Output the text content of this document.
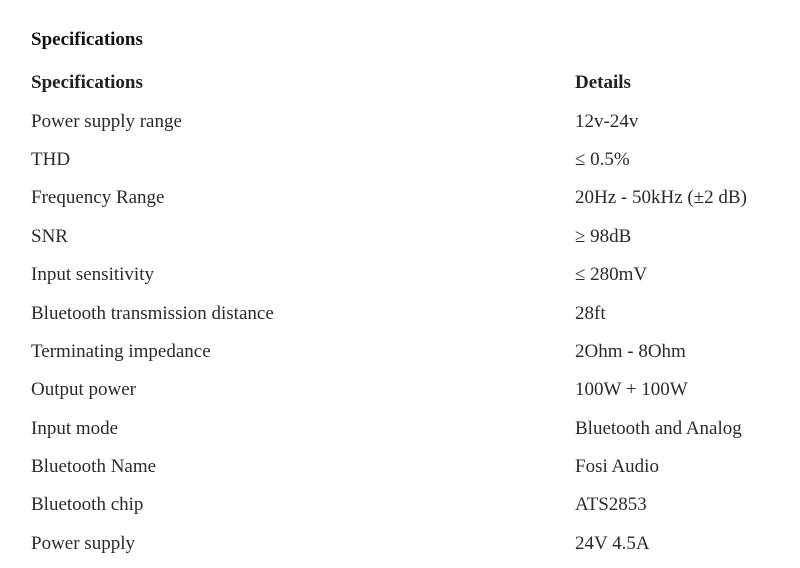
Specifications
Specifications	Details
Power supply range	12v-24v
THD	≤ 0.5%
Frequency Range	20Hz - 50kHz (±2 dB)
SNR	≥ 98dB
Input sensitivity	≤ 280mV
Bluetooth transmission distance	28ft
Terminating impedance	2Ohm - 8Ohm
Output power	100W + 100W
Input mode	Bluetooth and Analog
Bluetooth Name	Fosi Audio
Bluetooth chip	ATS2853
Power supply	24V 4.5A
